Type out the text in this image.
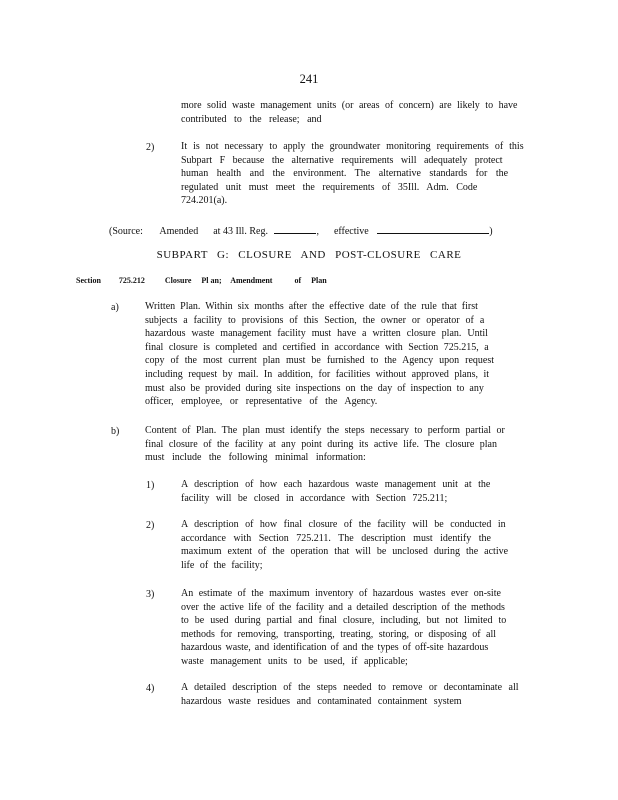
241
more solid waste management units (or areas of concern) are likely to have
contributed to the release; and
2)	It is not necessary to apply the groundwater monitoring requirements of this
Subpart F because the alternative requirements will adequately protect
human health and the environment. The alternative standards for the
regulated unit must meet the requirements of 35Ill. Adm. Code
724.201(a).
(Source: Amended at 43 Ill. Reg.	, effective	)
SUBPART G: CLOSURE AND POST-CLOSURE CARE
Section 725.212	Closure Pl an; Amendment	of Plan
a)	Written Plan. Within six months after the effective date of the rule that first
subjects a facility to provisions of this Section, the owner or operator of a
hazardous waste management facility must have a written closure plan. Until
final closure is completed and certified in accordance with Section 725.215, a
copy of the most current plan must be furnished to the Agency upon request
including request by mail. In addition, for facilities without approved plans, it
must also be provided during site inspections on the day of inspection to any
officer, employee, or representative of the Agency.
b)	Content of Plan. The plan must identify the steps necessary to perform partial or
final closure of the facility at any point during its active life. The closure plan
must include the following minimal information:
1)	A description of how each hazardous waste management unit at the
facility will be closed in accordance with Section 725.211;
2)	A description of how final closure of the facility will be conducted in
accordance with Section 725.211. The description must identify the
maximum extent of the operation that will be unclosed during the active
life of the facility;
3)	An estimate of the maximum inventory of hazardous wastes ever on-site
over the active life of the facility and a detailed description of the methods
to be used during partial and final closure, including, but not limited to
methods for removing, transporting, treating, storing, or disposing of all
hazardous waste, and identification of and the types of off-site hazardous
waste management units to be used, if applicable;
4)	A detailed description of the steps needed to remove or decontaminate all
hazardous waste residues and contaminated containment system
